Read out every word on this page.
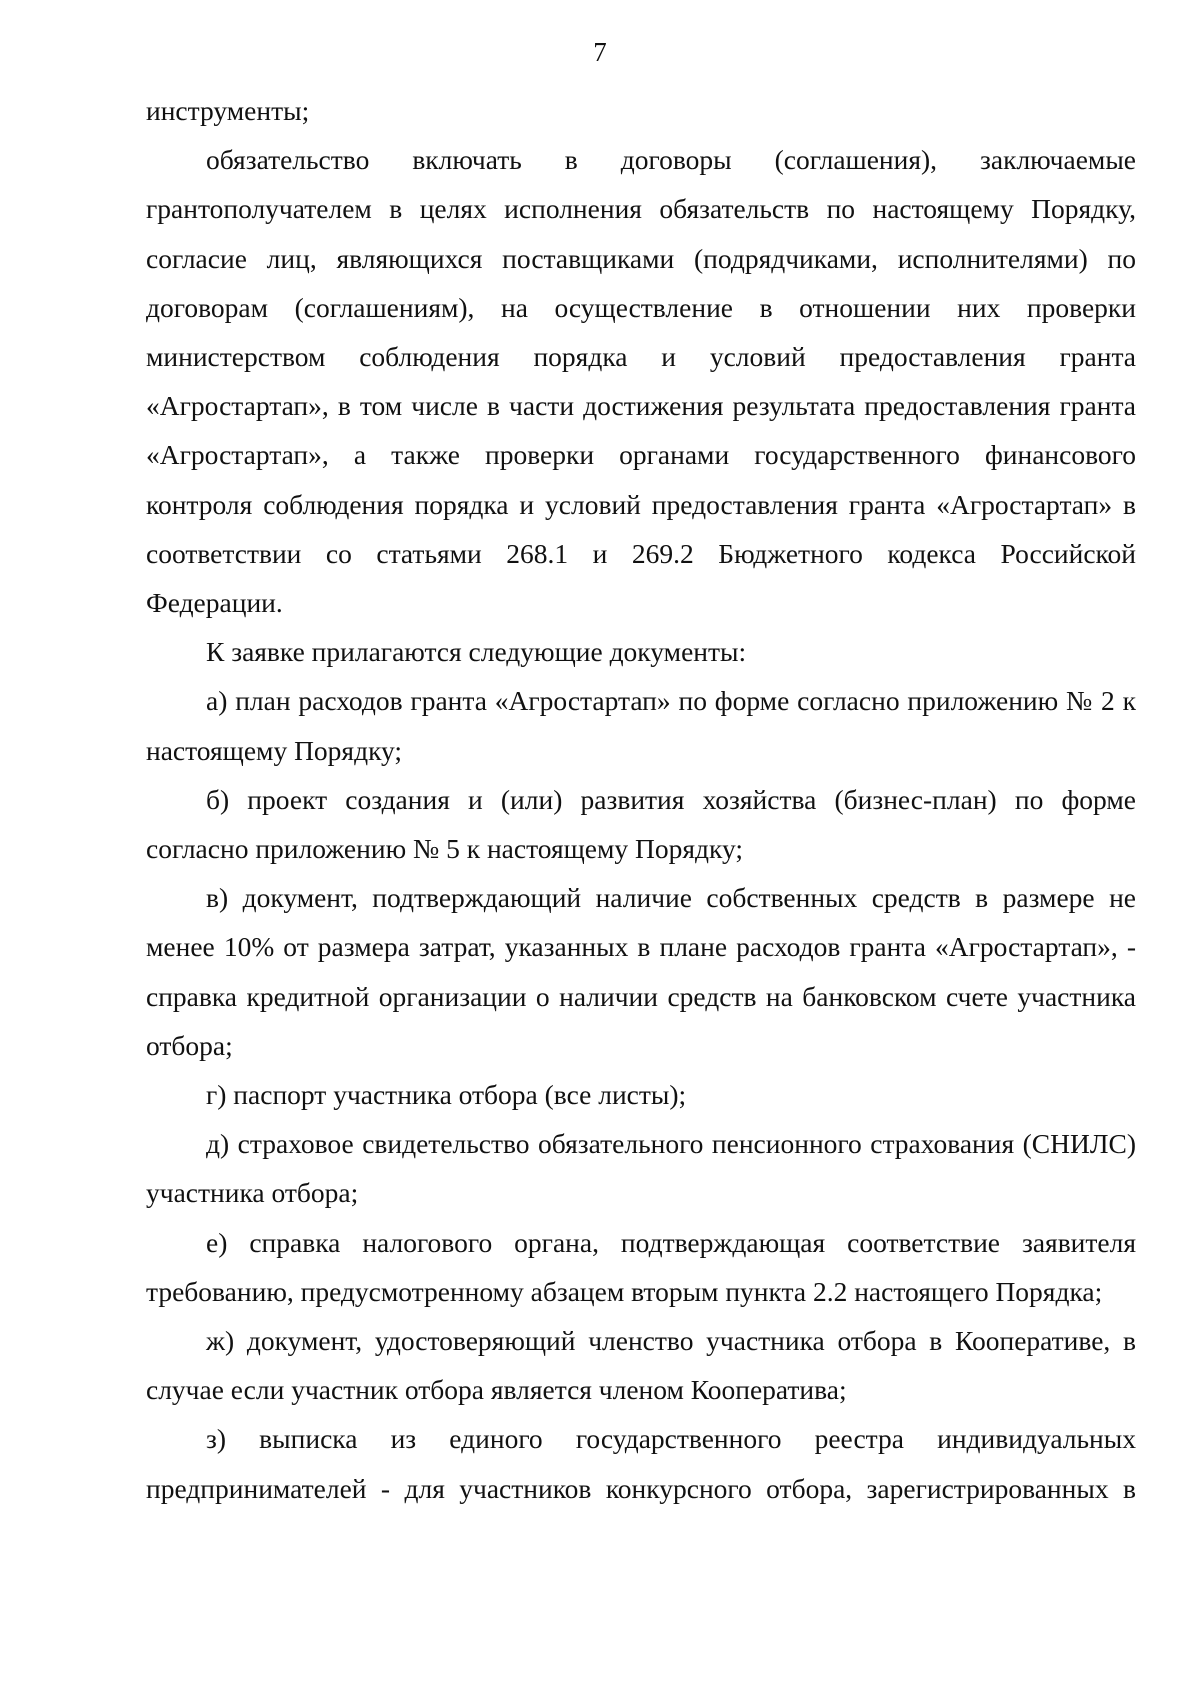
7

инструменты;

обязательство включать в договоры (соглашения), заключаемые грантополучателем в целях исполнения обязательств по настоящему Порядку, согласие лиц, являющихся поставщиками (подрядчиками, исполнителями) по договорам (соглашениям), на осуществление в отношении них проверки министерством соблюдения порядка и условий предоставления гранта «Агростартап», в том числе в части достижения результата предоставления гранта «Агростартап», а также проверки органами государственного финансового контроля соблюдения порядка и условий предоставления гранта «Агростартап» в соответствии со статьями 268.1 и 269.2 Бюджетного кодекса Российской Федерации.

К заявке прилагаются следующие документы:

а) план расходов гранта «Агростартап» по форме согласно приложению № 2 к настоящему Порядку;

б) проект создания и (или) развития хозяйства (бизнес-план) по форме согласно приложению № 5 к настоящему Порядку;

в) документ, подтверждающий наличие собственных средств в размере не менее 10% от размера затрат, указанных в плане расходов гранта «Агростартап», - справка кредитной организации о наличии средств на банковском счете участника отбора;

г) паспорт участника отбора (все листы);

д) страховое свидетельство обязательного пенсионного страхования (СНИЛС) участника отбора;

е) справка налогового органа, подтверждающая соответствие заявителя требованию, предусмотренному абзацем вторым пункта 2.2 настоящего Порядка;

ж) документ, удостоверяющий членство участника отбора в Кооперативе, в случае если участник отбора является членом Кооператива;

з) выписка из единого государственного реестра индивидуальных предпринимателей - для участников конкурсного отбора, зарегистрированных в
